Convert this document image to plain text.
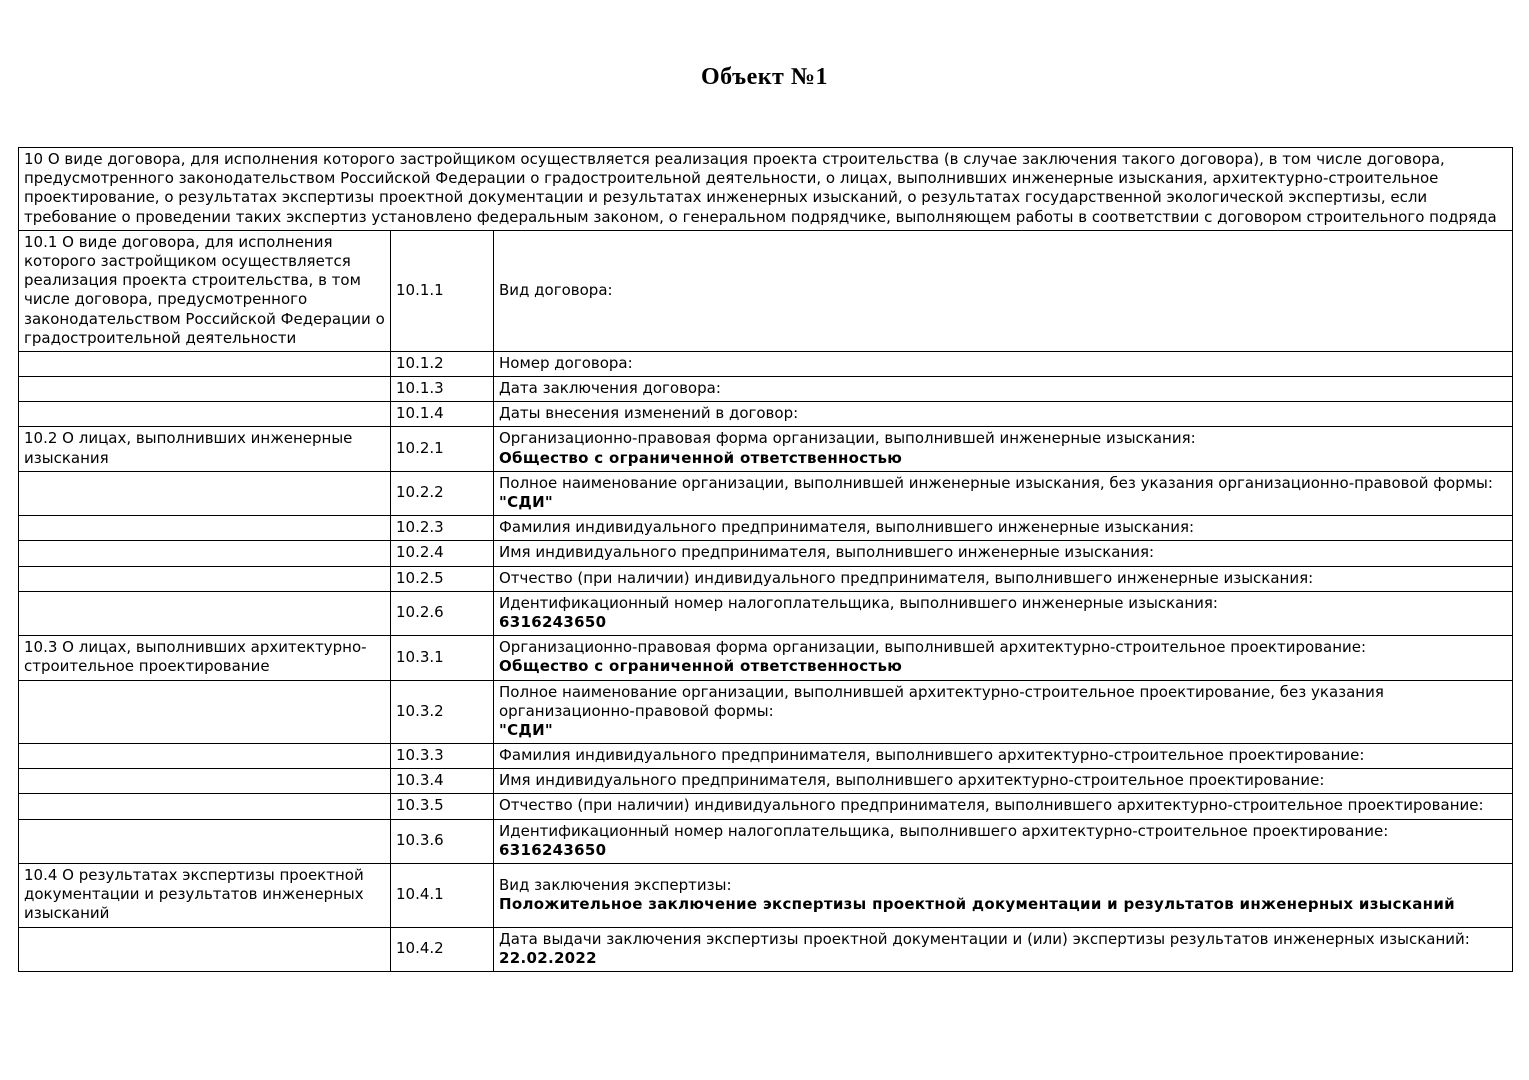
Объект №1
10 О виде договора, для исполнения которого застройщиком осуществляется реализация проекта строительства (в случае заключения такого договора), в том числе договора, предусмотренного законодательством Российской Федерации о градостроительной деятельности, о лицах, выполнивших инженерные изыскания, архитектурно-строительное проектирование, о результатах экспертизы проектной документации и результатах инженерных изысканий, о результатах государственной экологической экспертизы, если требование о проведении таких экспертиз установлено федеральным законом, о генеральном подрядчике, выполняющем работы в соответствии с договором строительного подряда		
10.1 О виде договора, для исполнения которого застройщиком осуществляется реализация проекта строительства, в том числе договора, предусмотренного законодательством Российской Федерации о градостроительной деятельности	10.1.1	Вид договора:

	10.1.2	Номер договора:

	10.1.3	Дата заключения договора:

	10.1.4	Даты внесения изменений в договор:

10.2 О лицах, выполнивших инженерные изыскания	10.2.1	Организационно-правовая форма организации, выполнившей инженерные изыскания:
Общество с ограниченной ответственностью

	10.2.2	Полное наименование организации, выполнившей инженерные изыскания, без указания организационно-правовой формы:
"СДИ"

	10.2.3	Фамилия индивидуального предпринимателя, выполнившего инженерные изыскания:

	10.2.4	Имя индивидуального предпринимателя, выполнившего инженерные изыскания:

	10.2.5	Отчество (при наличии) индивидуального предпринимателя, выполнившего инженерные изыскания:

	10.2.6	Идентификационный номер налогоплательщика, выполнившего инженерные изыскания:
6316243650

10.3 О лицах, выполнивших архитектурно-строительное проектирование	10.3.1	Организационно-правовая форма организации, выполнившей архитектурно-строительное проектирование:
Общество с ограниченной ответственностью

	10.3.2	Полное наименование организации, выполнившей архитектурно-строительное проектирование, без указания организационно-правовой формы:
"СДИ"

	10.3.3	Фамилия индивидуального предпринимателя, выполнившего архитектурно-строительное проектирование:

	10.3.4	Имя индивидуального предпринимателя, выполнившего архитектурно-строительное проектирование:

	10.3.5	Отчество (при наличии) индивидуального предпринимателя, выполнившего архитектурно-строительное проектирование:

	10.3.6	Идентификационный номер налогоплательщика, выполнившего архитектурно-строительное проектирование:
6316243650

10.4 О результатах экспертизы проектной документации и результатов инженерных изысканий	10.4.1	Вид заключения экспертизы:
Положительное заключение экспертизы проектной документации и результатов инженерных изысканий

	10.4.2	Дата выдачи заключения экспертизы проектной документации и (или) экспертизы результатов инженерных изысканий:
22.02.2022
